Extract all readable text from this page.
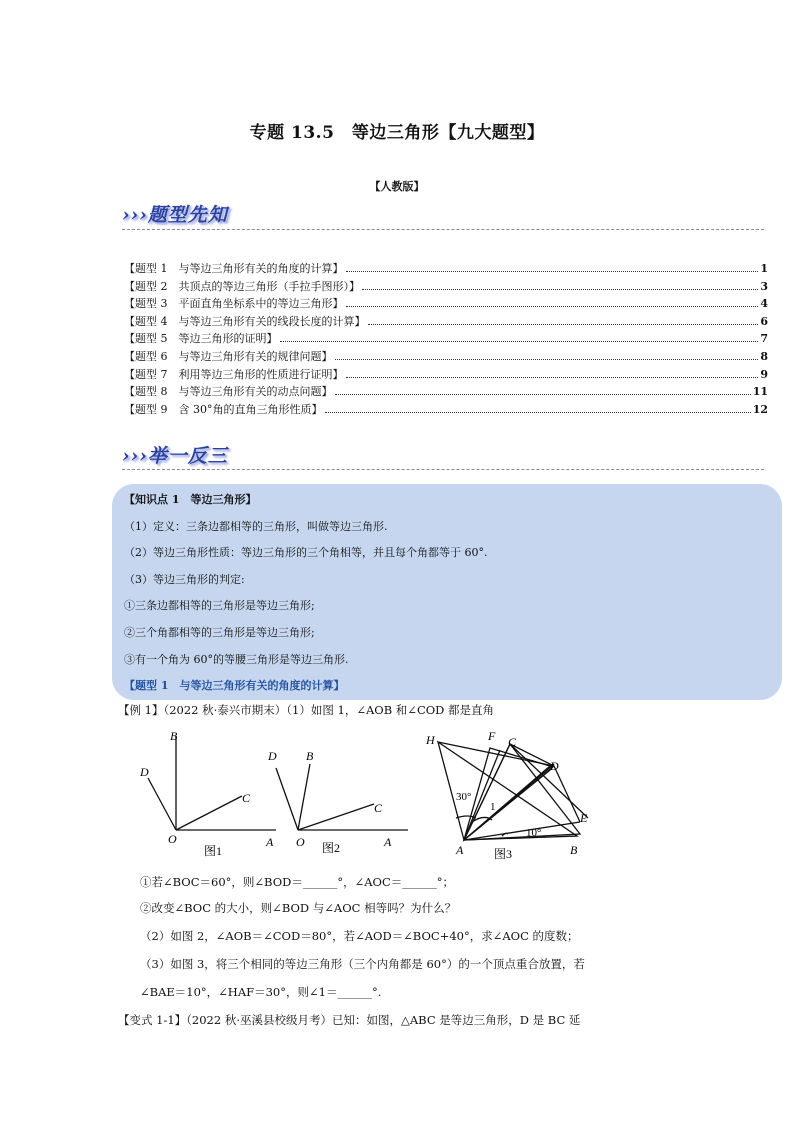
专题 13.5　等边三角形【九大题型】
【人教版】
›››题型先知
【题型 1　与等边三角形有关的角度的计算】	1
【题型 2　共顶点的等边三角形（手拉手图形）】	3
【题型 3　平面直角坐标系中的等边三角形】	4
【题型 4　与等边三角形有关的线段长度的计算】	6
【题型 5　等边三角形的证明】	7
【题型 6　与等边三角形有关的规律问题】	8
【题型 7　利用等边三角形的性质进行证明】	9
【题型 8　与等边三角形有关的动点问题】	11
【题型 9　含 30°角的直角三角形性质】	12
›››举一反三
【知识点 1　等边三角形】
（1）定义：三条边都相等的三角形，叫做等边三角形.
（2）等边三角形性质：等边三角形的三个角相等，并且每个角都等于 60°.
（3）等边三角形的判定:
①三条边都相等的三角形是等边三角形;
②三个角都相等的三角形是等边三角形;
③有一个角为 60°的等腰三角形是等边三角形.
【题型 1　与等边三角形有关的角度的计算】
【例 1】（2022 秋·泰兴市期末）（1）如图 1，∠AOB 和∠COD 都是直角
B
D
C
O	A
图1
D B
C
O	A
图2
H	F C
D
E
A	B
30°
1
10°
图3
①若∠BOC＝60°，则∠BOD＝______°，∠AOC＝______°；
②改变∠BOC 的大小，则∠BOD 与∠AOC 相等吗？为什么？
（2）如图 2，∠AOB＝∠COD＝80°，若∠AOD＝∠BOC+40°，求∠AOC 的度数；
（3）如图 3，将三个相同的等边三角形（三个内角都是 60°）的一个顶点重合放置，若
∠BAE＝10°，∠HAF＝30°，则∠1＝______°.
【变式 1-1】（2022 秋·巫溪县校级月考）已知：如图，△ABC 是等边三角形，D 是 BC 延
